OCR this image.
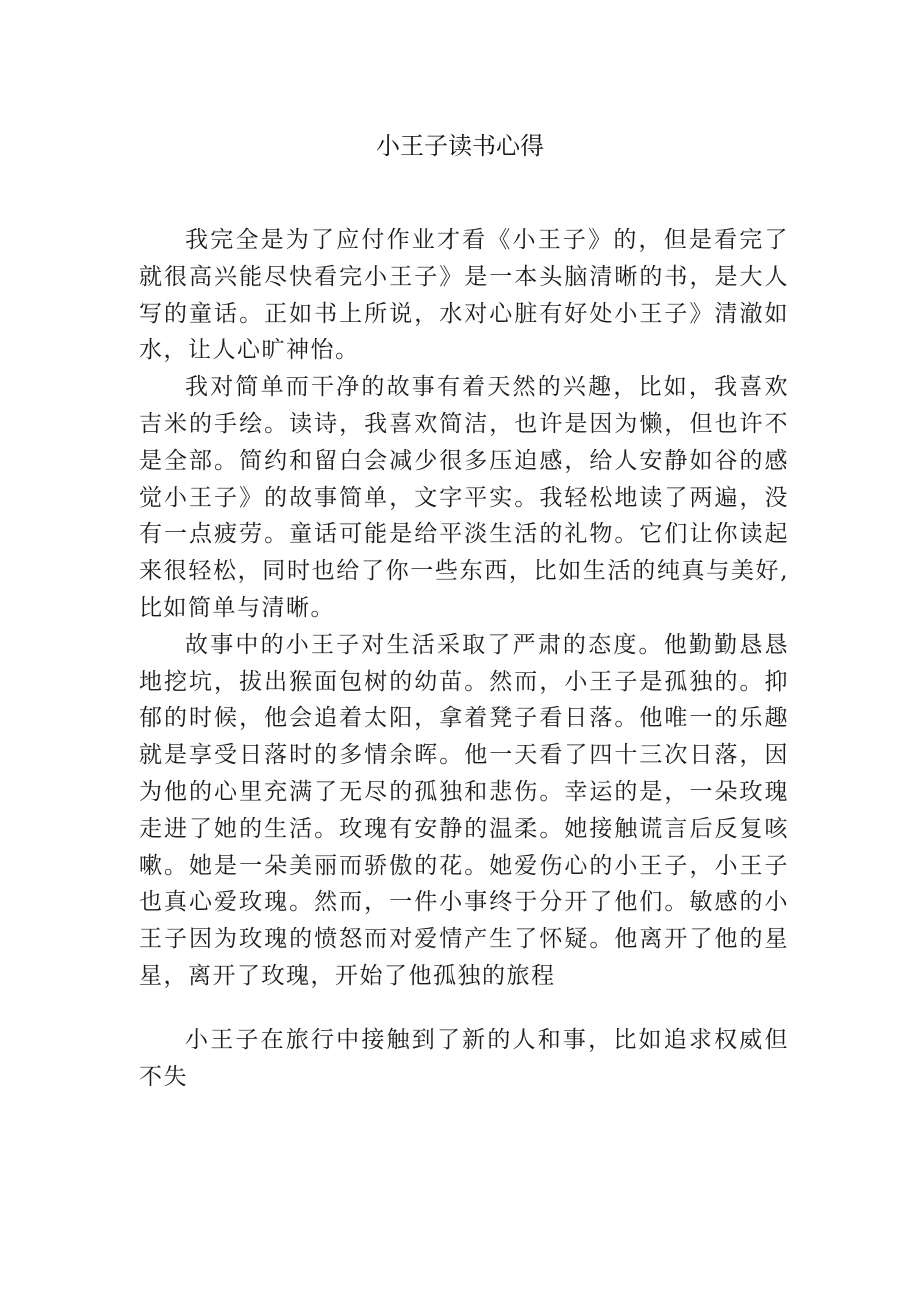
小王子读书心得

我完全是为了应付作业才看《小王子》的，但是看完了就很高兴能尽快看完小王子》是一本头脑清晰的书，是大人写的童话。正如书上所说，水对心脏有好处小王子》清澈如水，让人心旷神怡。

我对简单而干净的故事有着天然的兴趣，比如，我喜欢吉米的手绘。读诗，我喜欢简洁，也许是因为懒，但也许不是全部。简约和留白会减少很多压迫感，给人安静如谷的感觉小王子》的故事简单，文字平实。我轻松地读了两遍，没有一点疲劳。童话可能是给平淡生活的礼物。它们让你读起来很轻松，同时也给了你一些东西，比如生活的纯真与美好,比如简单与清晰。

故事中的小王子对生活采取了严肃的态度。他勤勤恳恳地挖坑，拔出猴面包树的幼苗。然而，小王子是孤独的。抑郁的时候，他会追着太阳，拿着凳子看日落。他唯一的乐趣就是享受日落时的多情余晖。他一天看了四十三次日落，因为他的心里充满了无尽的孤独和悲伤。幸运的是，一朵玫瑰走进了她的生活。玫瑰有安静的温柔。她接触谎言后反复咳嗽。她是一朵美丽而骄傲的花。她爱伤心的小王子，小王子也真心爱玫瑰。然而，一件小事终于分开了他们。敏感的小王子因为玫瑰的愤怒而对爱情产生了怀疑。他离开了他的星星，离开了玫瑰，开始了他孤独的旅程

小王子在旅行中接触到了新的人和事，比如追求权威但不失
